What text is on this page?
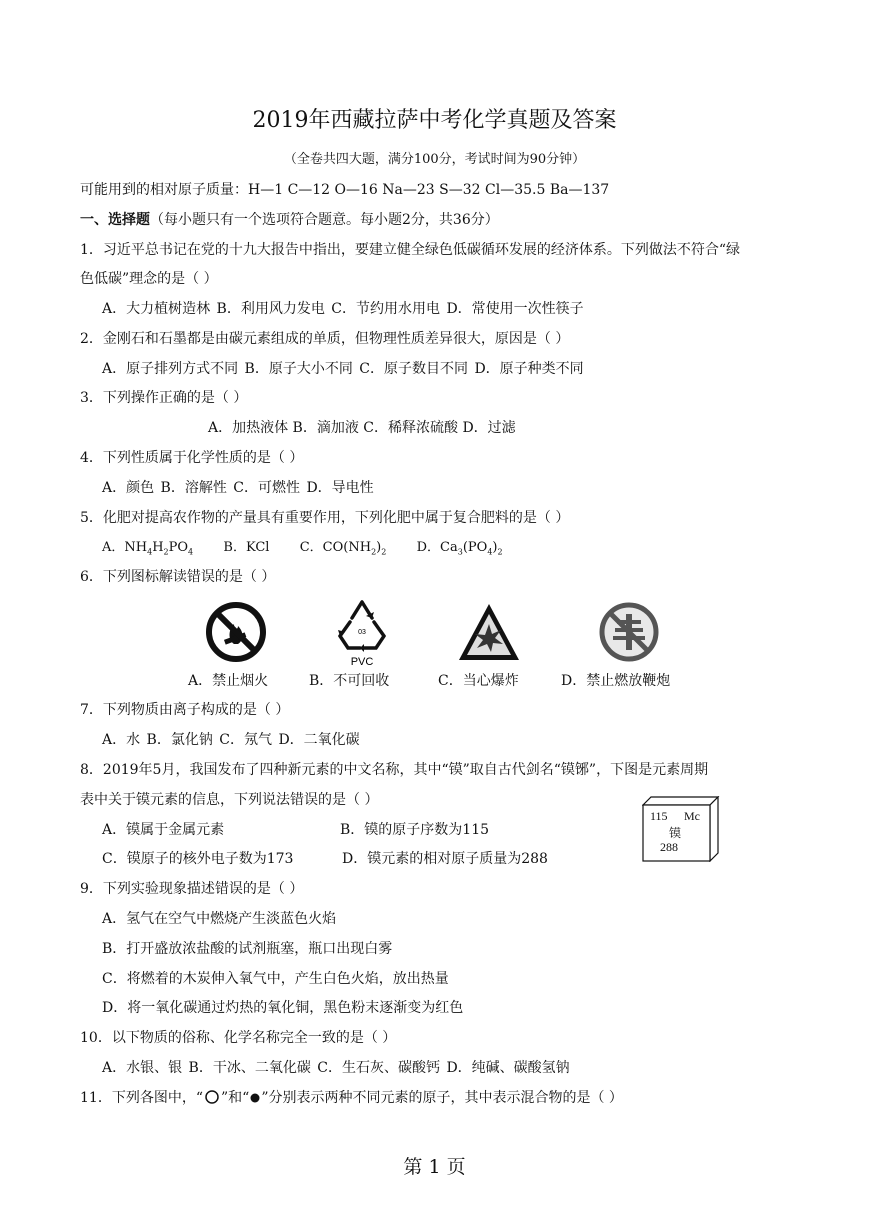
2019年西藏拉萨中考化学真题及答案
（全卷共四大题，满分100分，考试时间为90分钟）
可能用到的相对原子质量：H—1 C—12 O—16 Na—23 S—32 Cl—35.5 Ba—137
一、选择题（每小题只有一个选项符合题意。每小题2分，共36分）
1．习近平总书记在党的十九大报告中指出，要建立健全绿色低碳循环发展的经济体系。下列做法不符合“绿
色低碳”理念的是（ ）
A．大力植树造林 B．利用风力发电 C．节约用水用电 D．常使用一次性筷子
2．金刚石和石墨都是由碳元素组成的单质，但物理性质差异很大，原因是（ ）
A．原子排列方式不同 B．原子大小不同 C．原子数目不同 D．原子种类不同
3．下列操作正确的是（ ）
A．加热液体 B．滴加液 C．稀释浓硫酸 D．过滤
4．下列性质属于化学性质的是（ ）
A．颜色 B．溶解性 C．可燃性 D．导电性
5．化肥对提高农作物的产量具有重要作用，下列化肥中属于复合肥料的是（ ）
A．$NH_4H_2PO_4$ B．KCl C．$CO(NH_2)_2$ D．$Ca_3(PO_4)_2$
6．下列图标解读错误的是（ ）
03
PVC
A．禁止烟火	B．不可回收	C．当心爆炸	D．禁止燃放鞭炮
7．下列物质由离子构成的是（ ）
A．水 B．氯化钠 C．氖气 D．二氧化碳
8．2019年5月，我国发布了四种新元素的中文名称，其中“镆”取自古代剑名“镆铘”，下图是元素周期
表中关于镆元素的信息，下列说法错误的是（ ）
A．镆属于金属元素	B．镆的原子序数为115
C．镆原子的核外电子数为173	D．镆元素的相对原子质量为288
115 Mc
镆
288
9．下列实验现象描述错误的是（ ）
A．氢气在空气中燃烧产生淡蓝色火焰
B．打开盛放浓盐酸的试剂瓶塞，瓶口出现白雾
C．将燃着的木炭伸入氧气中，产生白色火焰，放出热量
D．将一氧化碳通过灼热的氧化铜，黑色粉末逐渐变为红色
10．以下物质的俗称、化学名称完全一致的是（ ）
A．水银、银 B．干冰、二氧化碳 C．生石灰、碳酸钙 D．纯碱、碳酸氢钠
11．下列各图中，“ ”和“ ”分别表示两种不同元素的原子，其中表示混合物的是（ ）
第 1 页
